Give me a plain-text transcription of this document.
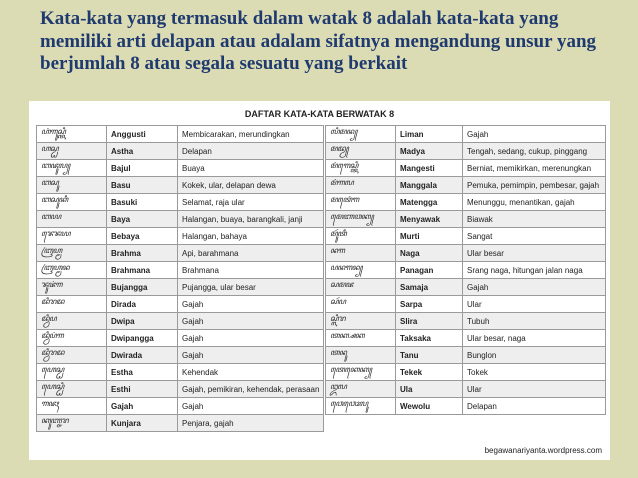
Kata-kata yang termasuk dalam watak 8 adalah kata-kata yang memiliki arti delapan atau adalam sifatnya mengandung unsur yang berjumlah 8 atau segala sesuatu yang berkait
DAFTAR KATA-KATA BERWATAK 8
ꦲꦁꦒꦸꦱ꧀ꦠꦶ	Anggusti	Membicarakan, merundingkan
ꦲꦱ꧀ꦛ	Astha	Delapan
ꦧꦗꦸꦭ꧀	Bajul	Buaya
ꦧꦱꦸ	Basu	Kokek, ular, delapan dewa
ꦧꦱꦸꦏꦶ	Basuki	Selamat, raja ular
ꦧꦪ	Baya	Halangan, buaya, barangkali, janji
ꦨꦺꦨꦪ	Bebaya	Halangan, bahaya
ꦧꦿꦲ꧀ꦩ	Brahma	Api, barahmana
ꦧꦿꦲ꧀ꦩꦤ	Brahmana	Brahmana
ꦨꦸꦗꦁꦒ	Bujangga	Pujangga, ular besar
ꦢꦶꦫꦢ	Dirada	Gajah
ꦢ꧀ꦮꦶꦥ	Dwipa	Gajah
ꦢ꧀ꦮꦶꦥꦁꦒ	Dwipangga	Gajah
ꦢ꧀ꦮꦶꦫꦢ	Dwirada	Gajah
ꦲꦺꦱ꧀ꦛ	Estha	Kehendak
ꦲꦺꦱ꧀ꦛꦶ	Esthi	Gajah, pemikiran, kehendak, perasaan
ꦒꦗꦃ	Gajah	Gajah
ꦏꦸꦚ꧀ꦗꦫ	Kunjara	Penjara, gajah
ꦭꦶꦩꦤ꧀	Liman	Gajah
ꦩꦢꦾ	Madya	Tengah, sedang, cukup, pinggang
ꦩꦁꦒꦺꦱ꧀ꦠꦶ	Mangesti	Berniat, memikirkan, merenungkan
ꦩꦁꦒꦭ	Manggala	Pemuka, pemimpin, pembesar, gajah
ꦩꦠꦺꦁꦒ	Matengga	Menunggu, menantikan, gajah
ꦩꦺꦚꦮꦏ꧀	Menyawak	Biawak
ꦩꦸꦂꦠꦶ	Murti	Sangat
ꦤꦒ	Naga	Ular besar
ꦥꦤꦒꦤ꧀	Panagan	Srang naga, hitungan jalan naga
ꦱꦩꦗ	Samaja	Gajah
ꦱꦂꦥ	Sarpa	Ular
ꦱ꧀ꦭꦶꦫ	Slira	Tubuh
ꦠꦏ꧀ꦱꦏ	Taksaka	Ular besar, naga
ꦠꦤꦸ	Tanu	Bunglon
ꦠꦺꦏꦺꦏ꧀	Tekek	Tokek
ꦈꦭ	Ula	Ular
ꦮꦺꦮꦺꦴꦭꦸ	Wewolu	Delapan
begawanariyanta.wordpress.com
